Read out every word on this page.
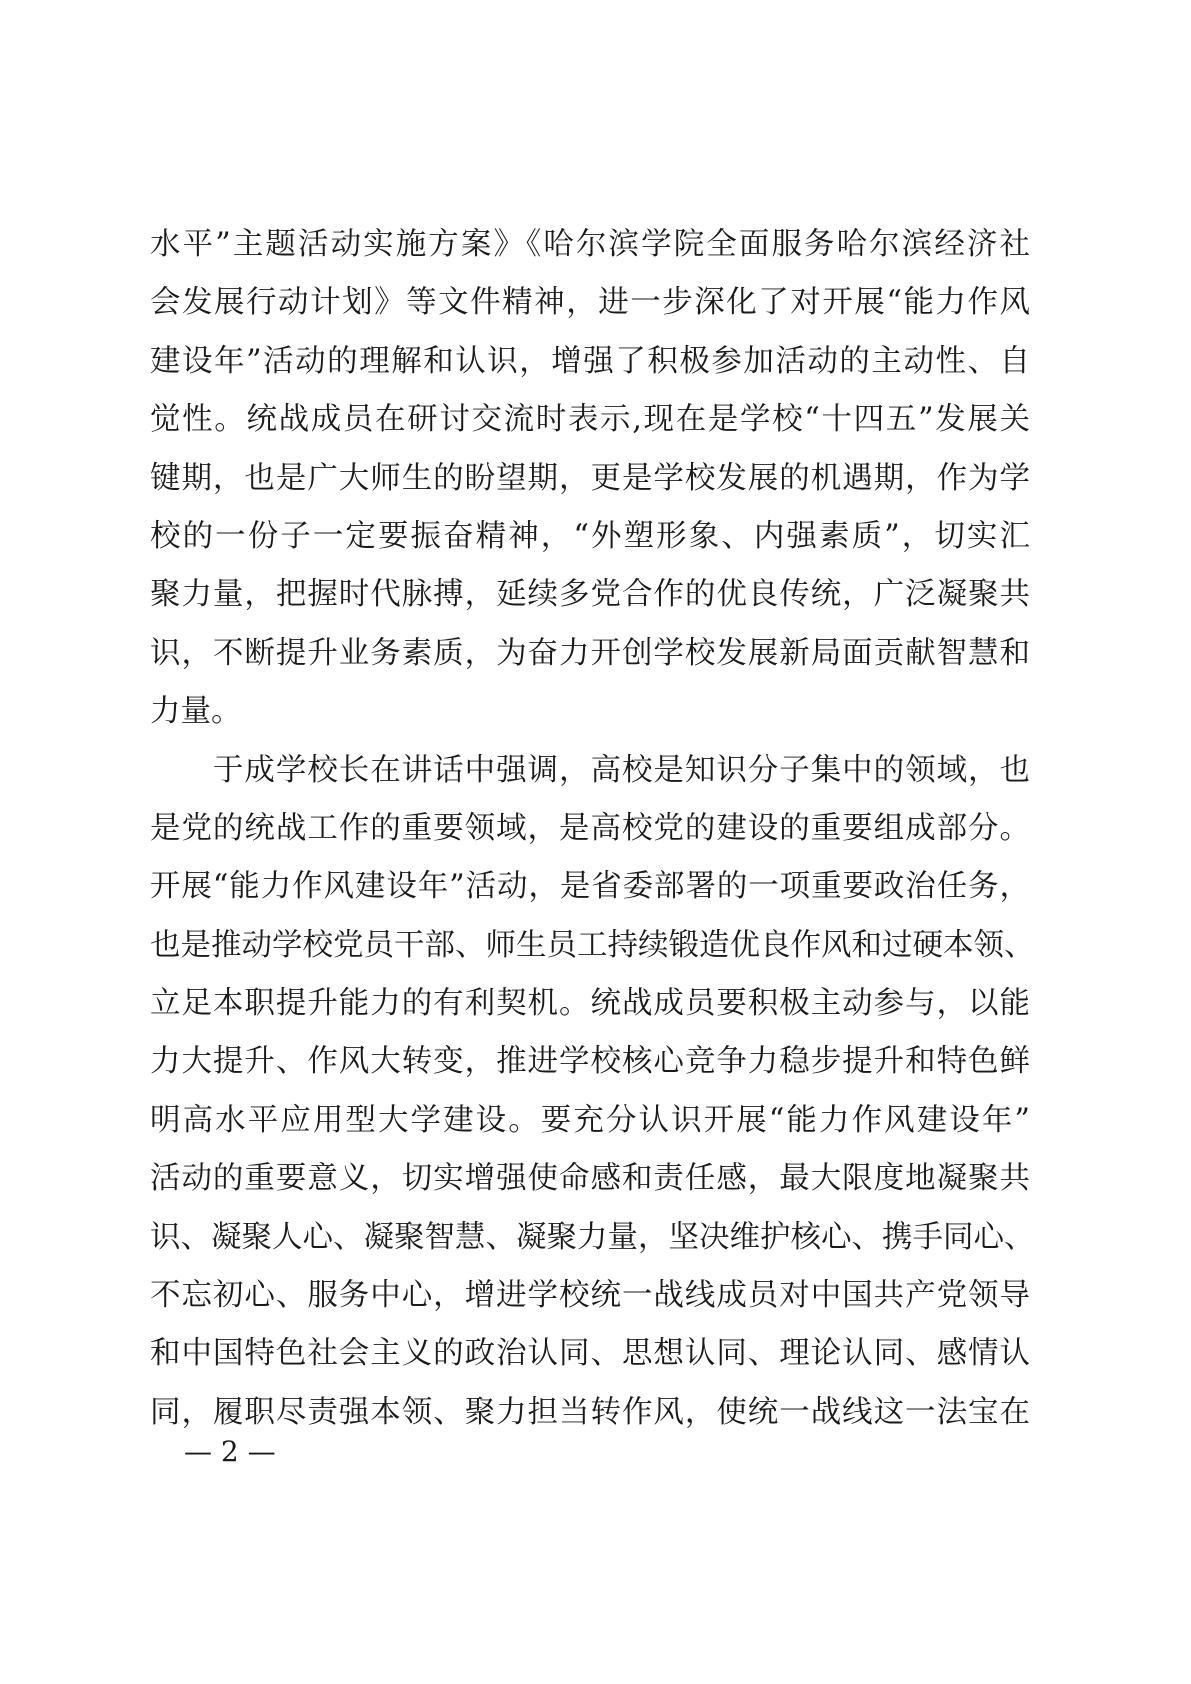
水平”主题活动实施方案》《哈尔滨学院全面服务哈尔滨经济社
会发展行动计划》等文件精神，进一步深化了对开展“能力作风
建设年”活动的理解和认识，增强了积极参加活动的主动性、自
觉性。统战成员在研讨交流时表示,现在是学校“十四五”发展关
键期，也是广大师生的盼望期，更是学校发展的机遇期，作为学
校的一份子一定要振奋精神，“外塑形象、内强素质”，切实汇
聚力量，把握时代脉搏，延续多党合作的优良传统，广泛凝聚共
识，不断提升业务素质，为奋力开创学校发展新局面贡献智慧和
力量。
　　于成学校长在讲话中强调，高校是知识分子集中的领域，也
是党的统战工作的重要领域，是高校党的建设的重要组成部分。
开展“能力作风建设年”活动，是省委部署的一项重要政治任务，
也是推动学校党员干部、师生员工持续锻造优良作风和过硬本领、
立足本职提升能力的有利契机。统战成员要积极主动参与，以能
力大提升、作风大转变，推进学校核心竞争力稳步提升和特色鲜
明高水平应用型大学建设。要充分认识开展“能力作风建设年”
活动的重要意义，切实增强使命感和责任感，最大限度地凝聚共
识、凝聚人心、凝聚智慧、凝聚力量，坚决维护核心、携手同心、
不忘初心、服务中心，增进学校统一战线成员对中国共产党领导
和中国特色社会主义的政治认同、思想认同、理论认同、感情认
同，履职尽责强本领、聚力担当转作风，使统一战线这一法宝在
— 2 —
